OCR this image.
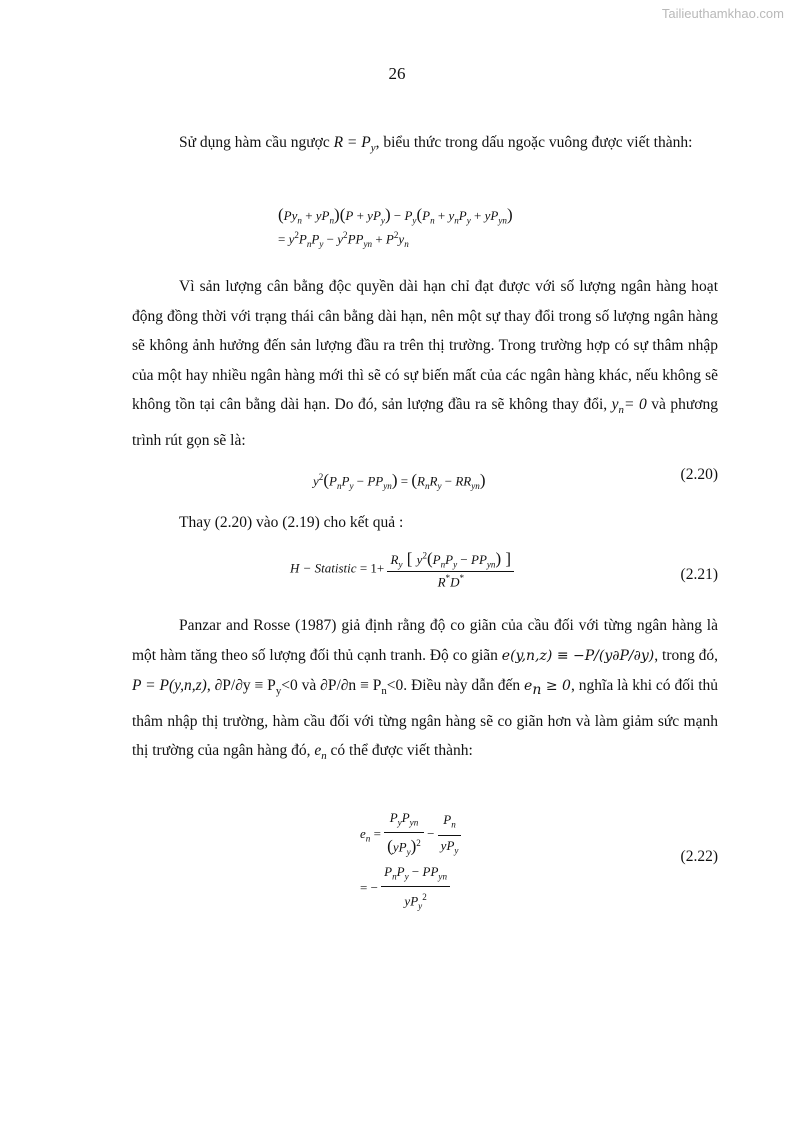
Tailieuthamkhao.com
26

Sử dụng hàm cầu ngược $R = P_y$, biểu thức trong dấu ngoặc vuông được viết thành:

$(Py_n + yP_n)(P + yP_y) - P_y(P_n + y_nP_y + yP_{yn})$
= $y^2P_nP_y - y^2PP_{yn} + P^2y_n$

Vì sản lượng cân bằng độc quyền dài hạn chỉ đạt được với số lượng ngân hàng hoạt động đồng thời với trạng thái cân bằng dài hạn, nên một sự thay đổi trong số lượng ngân hàng sẽ không ảnh hưởng đến sản lượng đầu ra trên thị trường. Trong trường hợp có sự thâm nhập của một hay nhiều ngân hàng mới thì sẽ có sự biến mất của các ngân hàng khác, nếu không sẽ không tồn tại cân bằng dài hạn. Do đó, sản lượng đầu ra sẽ không thay đổi, $y_n= 0$ và phương trình rút gọn sẽ là:

$y^2(P_nP_y - PP_{yn}) = (R_nR_y - RR_{yn})$	(2.20)

Thay (2.20) vào (2.19) cho kết quả :

H − Statistic = $1+ \frac{R_y [ y^2(P_nP_y - PP_{yn}) ]}{R^*D^*}$	(2.21)

Panzar and Rosse (1987) giả định rằng độ co giãn của cầu đối với từng ngân hàng là một hàm tăng theo số lượng đối thủ cạnh tranh. Độ co giãn e(y,n,z) ≡ −P/(y∂P/∂y), trong đó, P = P(y,n,z), $\partial P/\partial y \equiv P_y<0$ và $\partial P/\partial n \equiv P_n<0$. Điều này dẫn đến $e_n \ge 0$, nghĩa là khi có đối thủ thâm nhập thị trường, hàm cầu đối với từng ngân hàng sẽ co giãn hơn và làm giảm sức mạnh thị trường của ngân hàng đó, $e_n$ có thể được viết thành:

$e_n = \frac{P_yP_{yn}}{(yP_y)^2} - \frac{P_n}{yP_y}$
= − $\frac{P_nP_y - PP_{yn}}{yP_y^2}$
(2.22)
